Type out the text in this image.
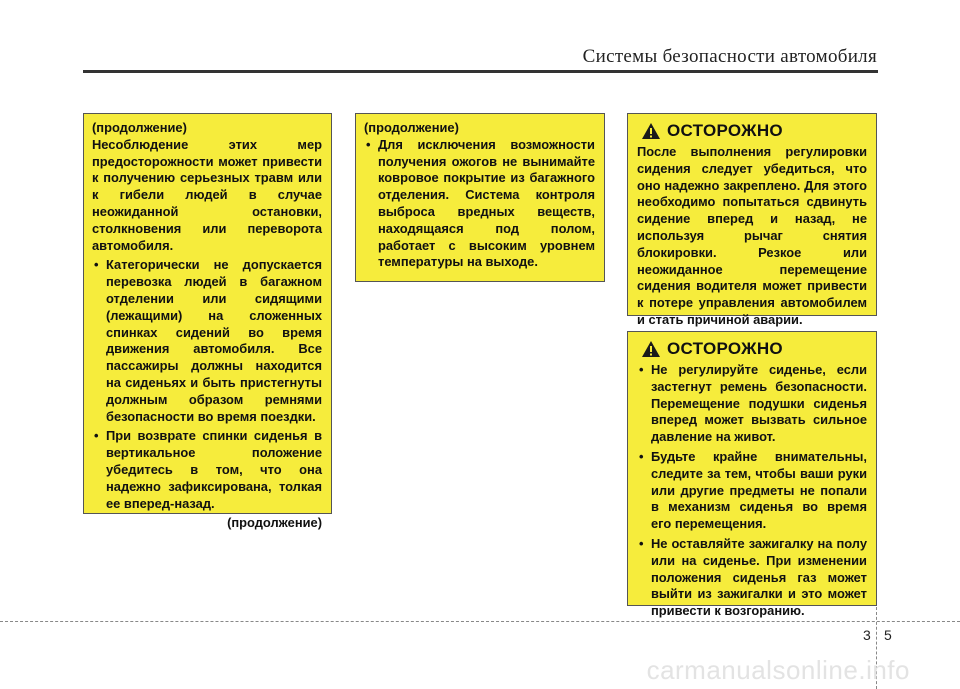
Системы безопасности автомобиля

(продолжение)

Несоблюдение этих мер предосторожности может привести к получению серьезных травм или к гибели людей в случае неожиданной остановки, столкновения или переворота автомобиля.

• Категорически не допускается перевозка людей в багажном отделении или сидящими (лежащими) на сложенных спинках сидений во время движения автомобиля. Все пассажиры должны находится на сиденьях и быть пристегнуты должным образом ремнями безопасности во время поездки.
• При возврате спинки сиденья в вертикальное положение убедитесь в том, что она надежно зафиксирована, толкая ее вперед-назад.

(продолжение)

(продолжение)

• Для исключения возможности получения ожогов не вынимайте ковровое покрытие из багажного отделения. Система контроля выброса вредных веществ, находящаяся под полом, работает с высоким уровнем температуры на выходе.
ОСТОРОЖНО

После выполнения регулировки сидения следует убедиться, что оно надежно закреплено. Для этого необходимо попытаться сдвинуть сидение вперед и назад, не используя рычаг снятия блокировки. Резкое или неожиданное перемещение сидения водителя может привести к потере управления автомобилем и стать причиной аварии.

ОСТОРОЖНО
• Не регулируйте сиденье, если застегнут ремень безопасности. Перемещение подушки сиденья вперед может вызвать сильное давление на живот.
• Будьте крайне внимательны, следите за тем, чтобы ваши руки или другие предметы не попали в механизм сиденья во время его перемещения.
• Не оставляйте зажигалку на полу или на сиденье. При изменении положения сиденья газ может выйти из зажигалки и это может привести к возгоранию.
3 5
carmanualsonline.info
